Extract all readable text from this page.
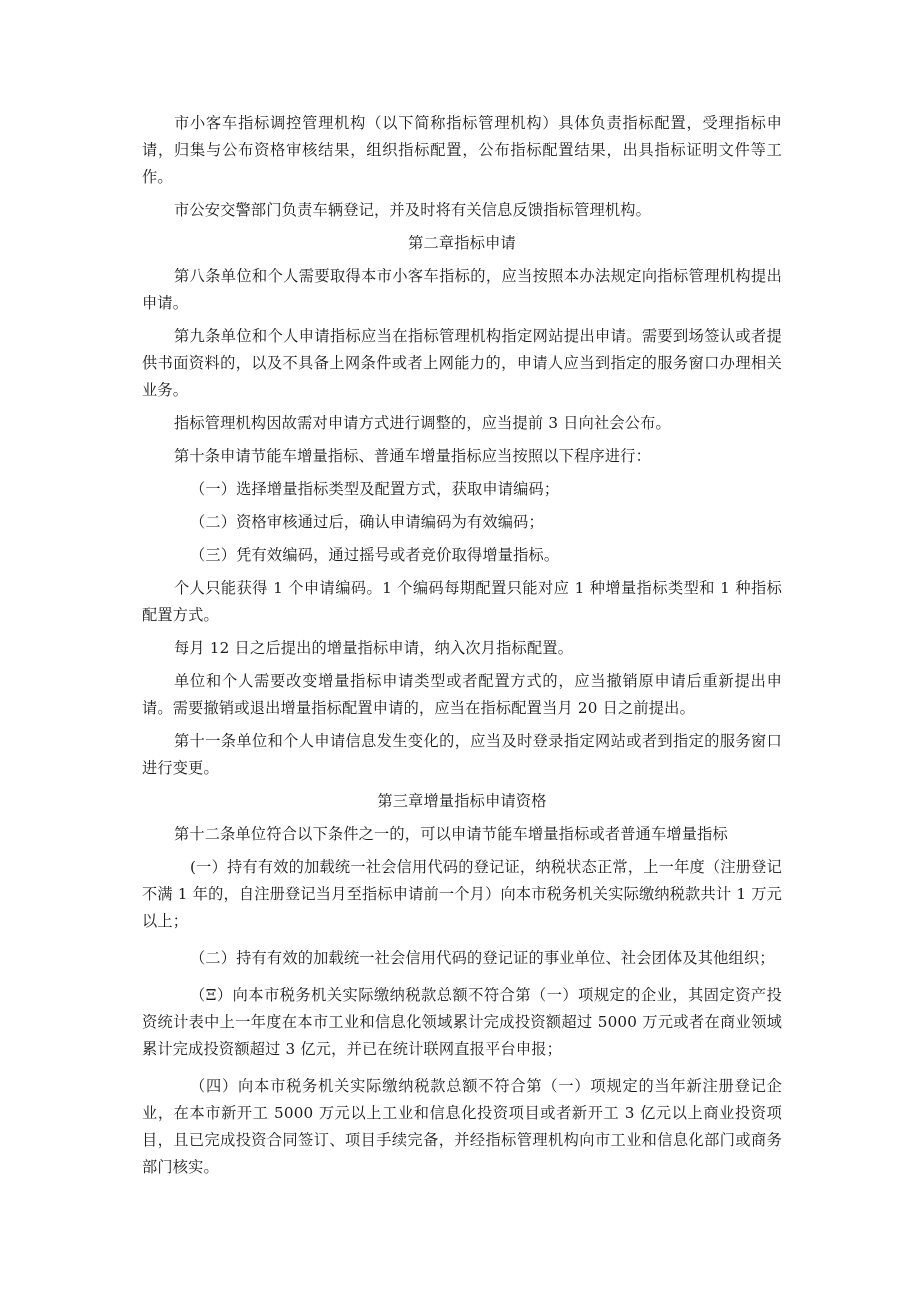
市小客车指标调控管理机构（以下简称指标管理机构）具体负责指标配置，受理指标申请，归集与公布资格审核结果，组织指标配置，公布指标配置结果，出具指标证明文件等工作。

市公安交警部门负责车辆登记，并及时将有关信息反馈指标管理机构。

第二章指标申请

第八条单位和个人需要取得本市小客车指标的，应当按照本办法规定向指标管理机构提出申请。

第九条单位和个人申请指标应当在指标管理机构指定网站提出申请。需要到场签认或者提供书面资料的，以及不具备上网条件或者上网能力的，申请人应当到指定的服务窗口办理相关业务。

指标管理机构因故需对申请方式进行调整的，应当提前 3 日向社会公布。

第十条申请节能车增量指标、普通车增量指标应当按照以下程序进行：

（一）选择增量指标类型及配置方式，获取申请编码；

（二）资格审核通过后，确认申请编码为有效编码；

（三）凭有效编码，通过摇号或者竞价取得增量指标。

个人只能获得 1 个申请编码。1 个编码每期配置只能对应 1 种增量指标类型和 1 种指标配置方式。

每月 12 日之后提出的增量指标申请，纳入次月指标配置。

单位和个人需要改变增量指标申请类型或者配置方式的，应当撤销原申请后重新提出申请。需要撤销或退出增量指标配置申请的，应当在指标配置当月 20 日之前提出。

第十一条单位和个人申请信息发生变化的，应当及时登录指定网站或者到指定的服务窗口进行变更。

第三章增量指标申请资格

第十二条单位符合以下条件之一的，可以申请节能车增量指标或者普通车增量指标

(一）持有有效的加载统一社会信用代码的登记证，纳税状态正常，上一年度（注册登记不满 1 年的，自注册登记当月至指标申请前一个月）向本市税务机关实际缴纳税款共计 1 万元以上；

（二）持有有效的加载统一社会信用代码的登记证的事业单位、社会团体及其他组织；

（Ξ）向本市税务机关实际缴纳税款总额不符合第（一）项规定的企业，其固定资产投资统计表中上一年度在本市工业和信息化领域累计完成投资额超过 5000 万元或者在商业领域累计完成投资额超过 3 亿元，并已在统计联网直报平台申报；

（四）向本市税务机关实际缴纳税款总额不符合第（一）项规定的当年新注册登记企业，在本市新开工 5000 万元以上工业和信息化投资项目或者新开工 3 亿元以上商业投资项目，且已完成投资合同签订、项目手续完备，并经指标管理机构向市工业和信息化部门或商务部门核实。
